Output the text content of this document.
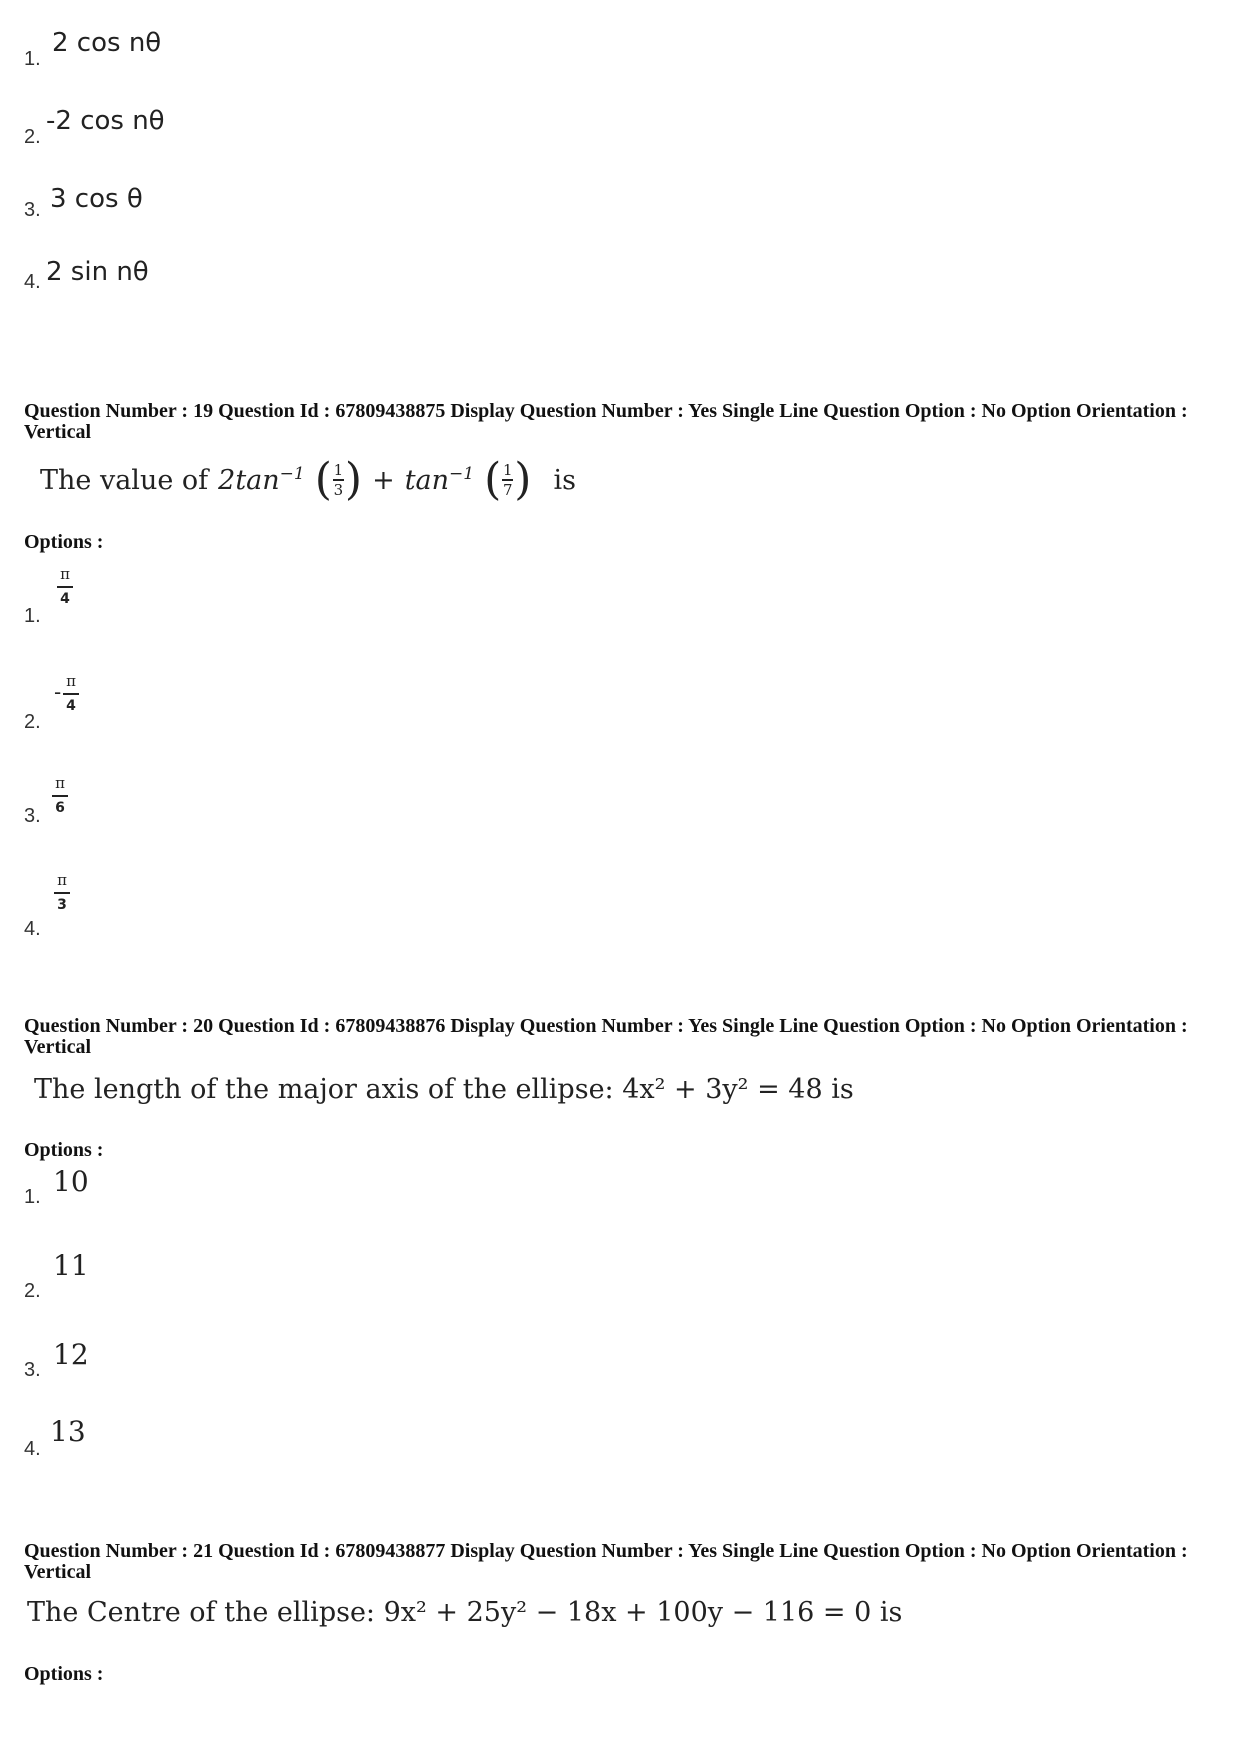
1.
2 cos nθ
2.
-2 cos nθ
3. 3 cos θ
4. 2 sin nθ
Question Number : 19 Question Id : 67809438875 Display Question Number : Yes Single Line Question Option : No Option Orientation : Vertical
The value of $2\tan^{-1}$ ( 1
3 ) + $\tan^{-1}$ ( 1
7 ) is
Options :
1.
π
4
2.
- π
4
3.
π
6
4.
π
3
Question Number : 20 Question Id : 67809438876 Display Question Number : Yes Single Line Question Option : No Option Orientation : Vertical
The length of the major axis of the ellipse: 4x² + 3y² = 48 is
Options :
1. 10
2.
11
3. 12
4.
13
Question Number : 21 Question Id : 67809438877 Display Question Number : Yes Single Line Question Option : No Option Orientation : Vertical
The Centre of the ellipse: 9x² + 25y² − 18x + 100y − 116 = 0 is
Options :
